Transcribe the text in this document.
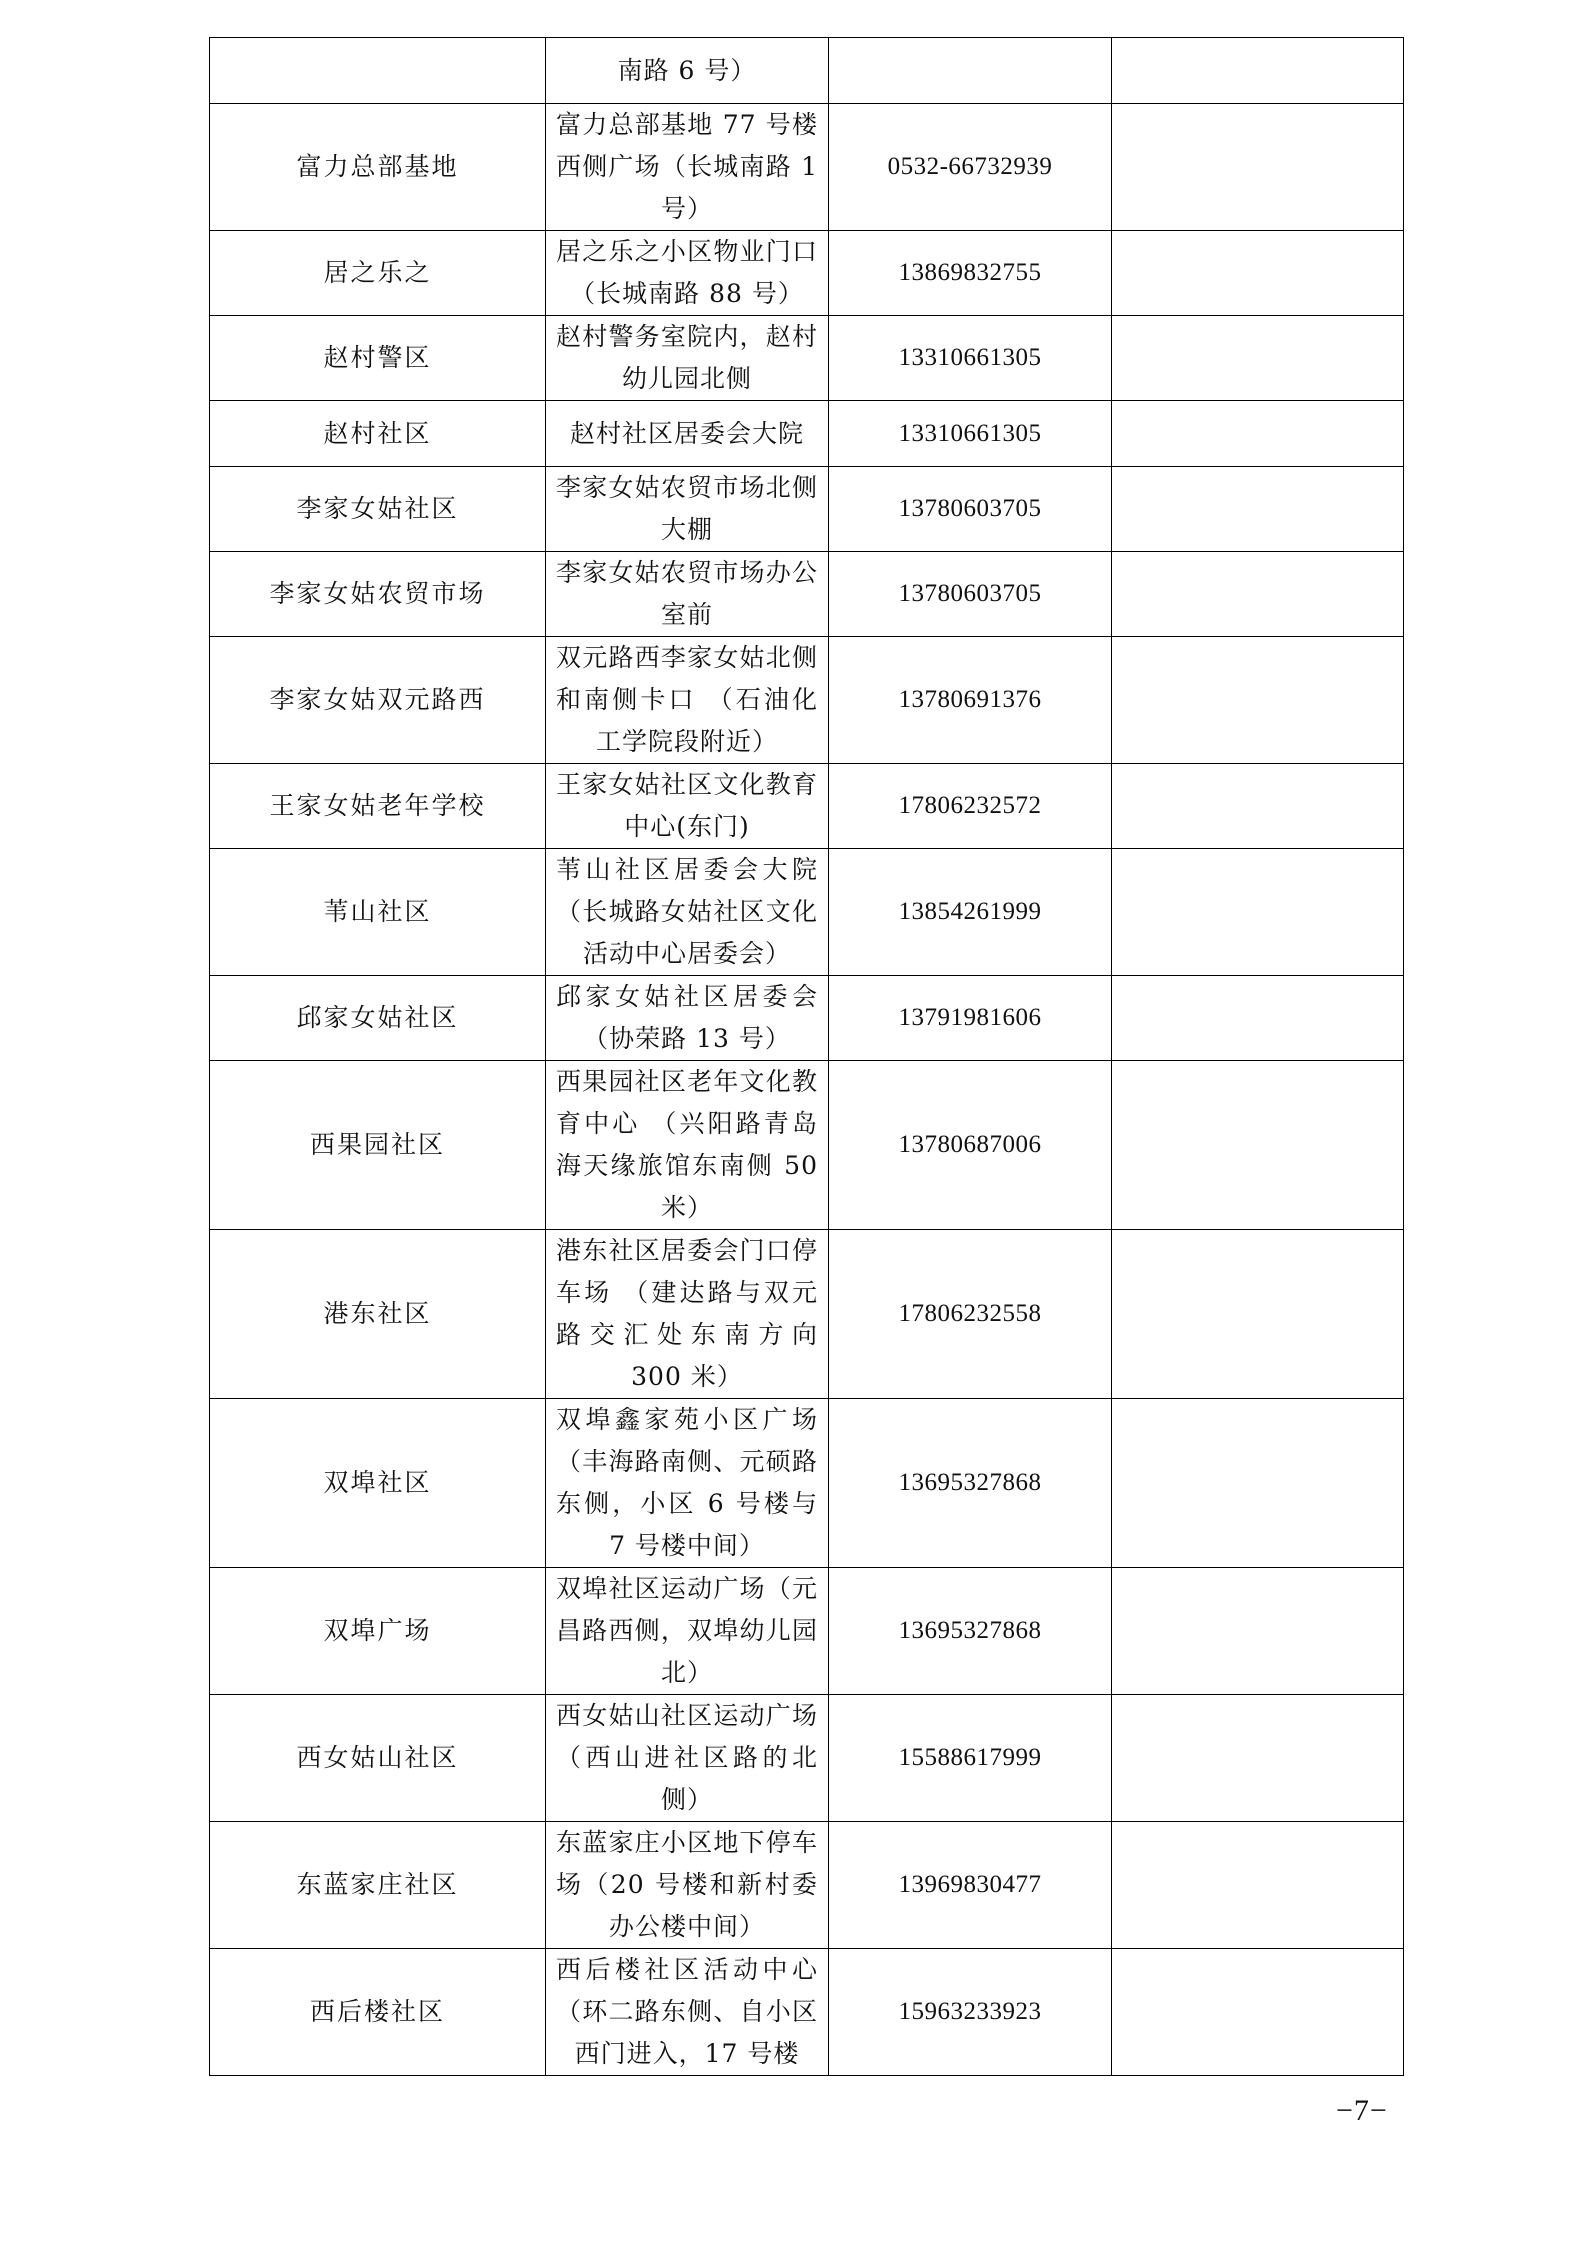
	南路 6 号）		
富力总部基地	富力总部基地 77 号楼西侧广场（长城南路 1 号）	0532-66732939	
居之乐之	居之乐之小区物业门口（长城南路 88 号）	13869832755	
赵村警区	赵村警务室院内，赵村幼儿园北侧	13310661305	
赵村社区	赵村社区居委会大院	13310661305	
李家女姑社区	李家女姑农贸市场北侧大棚	13780603705	
李家女姑农贸市场	李家女姑农贸市场办公室前	13780603705	
李家女姑双元路西	双元路西李家女姑北侧和南侧卡口 （石油化工学院段附近）	13780691376	
王家女姑老年学校	王家女姑社区文化教育中心(东门)	17806232572	
苇山社区	苇山社区居委会大院（长城路女姑社区文化活动中心居委会）	13854261999	
邱家女姑社区	邱家女姑社区居委会（协荣路 13 号）	13791981606	
西果园社区	西果园社区老年文化教育中心 （兴阳路青岛海天缘旅馆东南侧 50 米）	13780687006	
港东社区	港东社区居委会门口停车场 （建达路与双元路交汇处东南方向 300 米）	17806232558	
双埠社区	双埠鑫家苑小区广场（丰海路南侧、元硕路东侧，小区 6 号楼与 7 号楼中间）	13695327868	
双埠广场	双埠社区运动广场（元昌路西侧，双埠幼儿园北）	13695327868	
西女姑山社区	西女姑山社区运动广场（西山进社区路的北侧）	15588617999	
东蓝家庄社区	东蓝家庄小区地下停车场（20 号楼和新村委办公楼中间）	13969830477	
西后楼社区	西后楼社区活动中心（环二路东侧、自小区西门进入，17 号楼	15963233923	
−7−
